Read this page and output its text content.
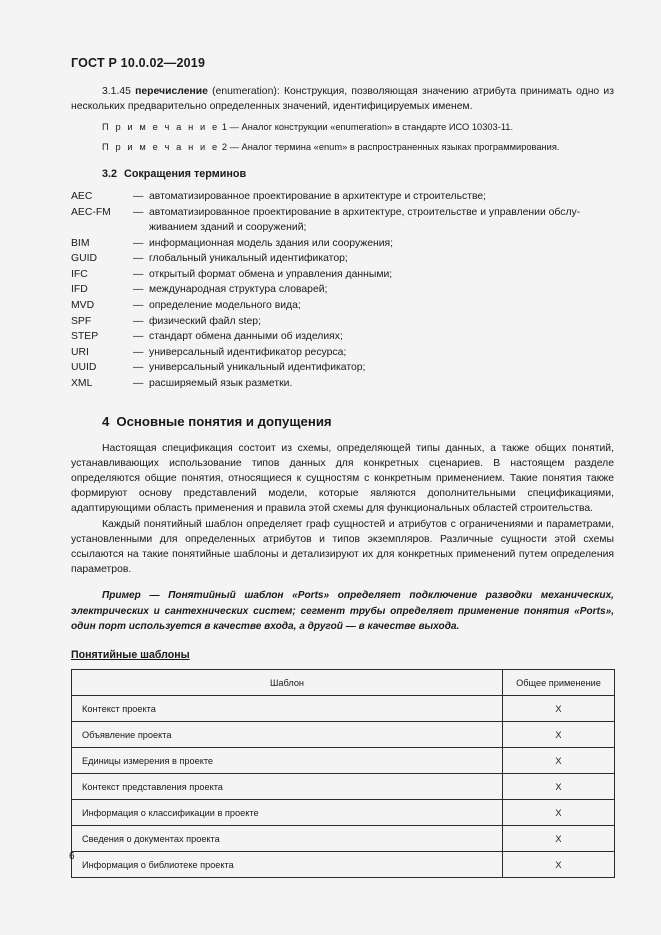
ГОСТ Р 10.0.02—2019

3.1.45 перечисление (enumeration): Конструкция, позволяющая значению атрибута принимать одно из нескольких предварительно определенных значений, идентифицируемых именем.

П р и м е ч а н и е 1 — Аналог конструкции «enumeration» в стандарте ИСО 10303-11.

П р и м е ч а н и е 2 — Аналог термина «enum» в распространенных языках программирования.

3.2 Сокращения терминов
AEC	— автоматизированное проектирование в архитектуре и строительстве;
AEC-FM	— автоматизированное проектирование в архитектуре, строительстве и управлении обслу-
живанием зданий и сооружений;
BIM	— информационная модель здания или сооружения;
GUID	— глобальный уникальный идентификатор;
IFC	— открытый формат обмена и управления данными;
IFD	— международная структура словарей;
MVD	— определение модельного вида;
SPF	— физический файл step;
STEP	— стандарт обмена данными об изделиях;
URI	— универсальный идентификатор ресурса;
UUID	— универсальный уникальный идентификатор;
XML	— расширяемый язык разметки.
4 Основные понятия и допущения

Настоящая спецификация состоит из схемы, определяющей типы данных, а также общих понятий, устанавливающих использование типов данных для конкретных сценариев. В настоящем разделе определяются общие понятия, относящиеся к сущностям с конкретным применением. Такие понятия также формируют основу представлений модели, которые являются дополнительными спецификациями, адаптирующими область применения и правила этой схемы для функциональных областей строительства.

Каждый понятийный шаблон определяет граф сущностей и атрибутов с ограничениями и параметрами, установленными для определенных атрибутов и типов экземпляров. Различные сущности этой схемы ссылаются на такие понятийные шаблоны и детализируют их для конкретных применений путем определения параметров.

Пример — Понятийный шаблон «Ports» определяет подключение разводки механических, электрических и сантехнических систем; сегмент трубы определяет применение понятия «Ports», один порт используется в качестве входа, а другой — в качестве выхода.

Понятийные шаблоны
Шаблон	Общее применение
Контекст проекта	X
Объявление проекта	X
Единицы измерения в проекте	X
Контекст представления проекта	X
Информация о классификации в проекте	X
Сведения о документах проекта	X
Информация о библиотеке проекта	X
6
